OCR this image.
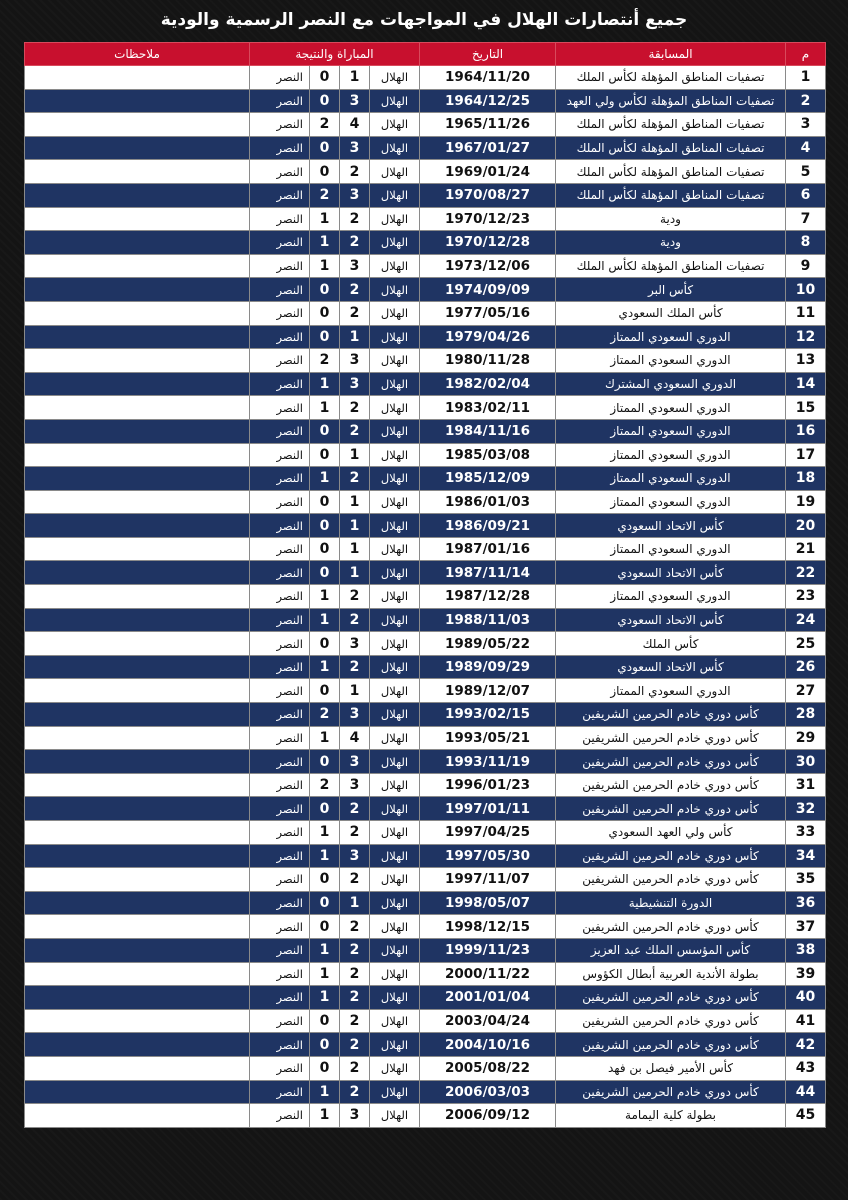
جميع أنتصارات الهلال في المواجهات مع النصر الرسمية والودية
م	المسابقة	التاريخ	المباراة والنتيجة				ملاحظات
1	تصفيات المناطق المؤهلة لكأس الملك	1964/11/20	الهلال	1	0	النصر	
2	تصفيات المناطق المؤهلة لكأس ولي العهد	1964/12/25	الهلال	3	0	النصر	
3	تصفيات المناطق المؤهلة لكأس الملك	1965/11/26	الهلال	4	2	النصر	
4	تصفيات المناطق المؤهلة لكأس الملك	1967/01/27	الهلال	3	0	النصر	
5	تصفيات المناطق المؤهلة لكأس الملك	1969/01/24	الهلال	2	0	النصر	
6	تصفيات المناطق المؤهلة لكأس الملك	1970/08/27	الهلال	3	2	النصر	
7	ودية	1970/12/23	الهلال	2	1	النصر	
8	ودية	1970/12/28	الهلال	2	1	النصر	
9	تصفيات المناطق المؤهلة لكأس الملك	1973/12/06	الهلال	3	1	النصر	
10	كأس البر	1974/09/09	الهلال	2	0	النصر	
11	كأس الملك السعودي	1977/05/16	الهلال	2	0	النصر	
12	الدوري السعودي الممتاز	1979/04/26	الهلال	1	0	النصر	
13	الدوري السعودي الممتاز	1980/11/28	الهلال	3	2	النصر	
14	الدوري السعودي المشترك	1982/02/04	الهلال	3	1	النصر	
15	الدوري السعودي الممتاز	1983/02/11	الهلال	2	1	النصر	
16	الدوري السعودي الممتاز	1984/11/16	الهلال	2	0	النصر	
17	الدوري السعودي الممتاز	1985/03/08	الهلال	1	0	النصر	
18	الدوري السعودي الممتاز	1985/12/09	الهلال	2	1	النصر	
19	الدوري السعودي الممتاز	1986/01/03	الهلال	1	0	النصر	
20	كأس الاتحاد السعودي	1986/09/21	الهلال	1	0	النصر	
21	الدوري السعودي الممتاز	1987/01/16	الهلال	1	0	النصر	
22	كأس الاتحاد السعودي	1987/11/14	الهلال	1	0	النصر	
23	الدوري السعودي الممتاز	1987/12/28	الهلال	2	1	النصر	
24	كأس الاتحاد السعودي	1988/11/03	الهلال	2	1	النصر	
25	كأس الملك	1989/05/22	الهلال	3	0	النصر	
26	كأس الاتحاد السعودي	1989/09/29	الهلال	2	1	النصر	
27	الدوري السعودي الممتاز	1989/12/07	الهلال	1	0	النصر	
28	كأس دوري خادم الحرمين الشريفين	1993/02/15	الهلال	3	2	النصر	
29	كأس دوري خادم الحرمين الشريفين	1993/05/21	الهلال	4	1	النصر	
30	كأس دوري خادم الحرمين الشريفين	1993/11/19	الهلال	3	0	النصر	
31	كأس دوري خادم الحرمين الشريفين	1996/01/23	الهلال	3	2	النصر	
32	كأس دوري خادم الحرمين الشريفين	1997/01/11	الهلال	2	0	النصر	
33	كأس ولي العهد السعودي	1997/04/25	الهلال	2	1	النصر	
34	كأس دوري خادم الحرمين الشريفين	1997/05/30	الهلال	3	1	النصر	
35	كأس دوري خادم الحرمين الشريفين	1997/11/07	الهلال	2	0	النصر	
36	الدورة التنشيطية	1998/05/07	الهلال	1	0	النصر	
37	كأس دوري خادم الحرمين الشريفين	1998/12/15	الهلال	2	0	النصر	
38	كأس المؤسس الملك عبد العزيز	1999/11/23	الهلال	2	1	النصر	
39	بطولة الأندية العربية أبطال الكؤوس	2000/11/22	الهلال	2	1	النصر	
40	كأس دوري خادم الحرمين الشريفين	2001/01/04	الهلال	2	1	النصر	
41	كأس دوري خادم الحرمين الشريفين	2003/04/24	الهلال	2	0	النصر	
42	كأس دوري خادم الحرمين الشريفين	2004/10/16	الهلال	2	0	النصر	
43	كأس الأمير فيصل بن فهد	2005/08/22	الهلال	2	0	النصر	
44	كأس دوري خادم الحرمين الشريفين	2006/03/03	الهلال	2	1	النصر	
45	بطولة كلية اليمامة	2006/09/12	الهلال	3	1	النصر	
